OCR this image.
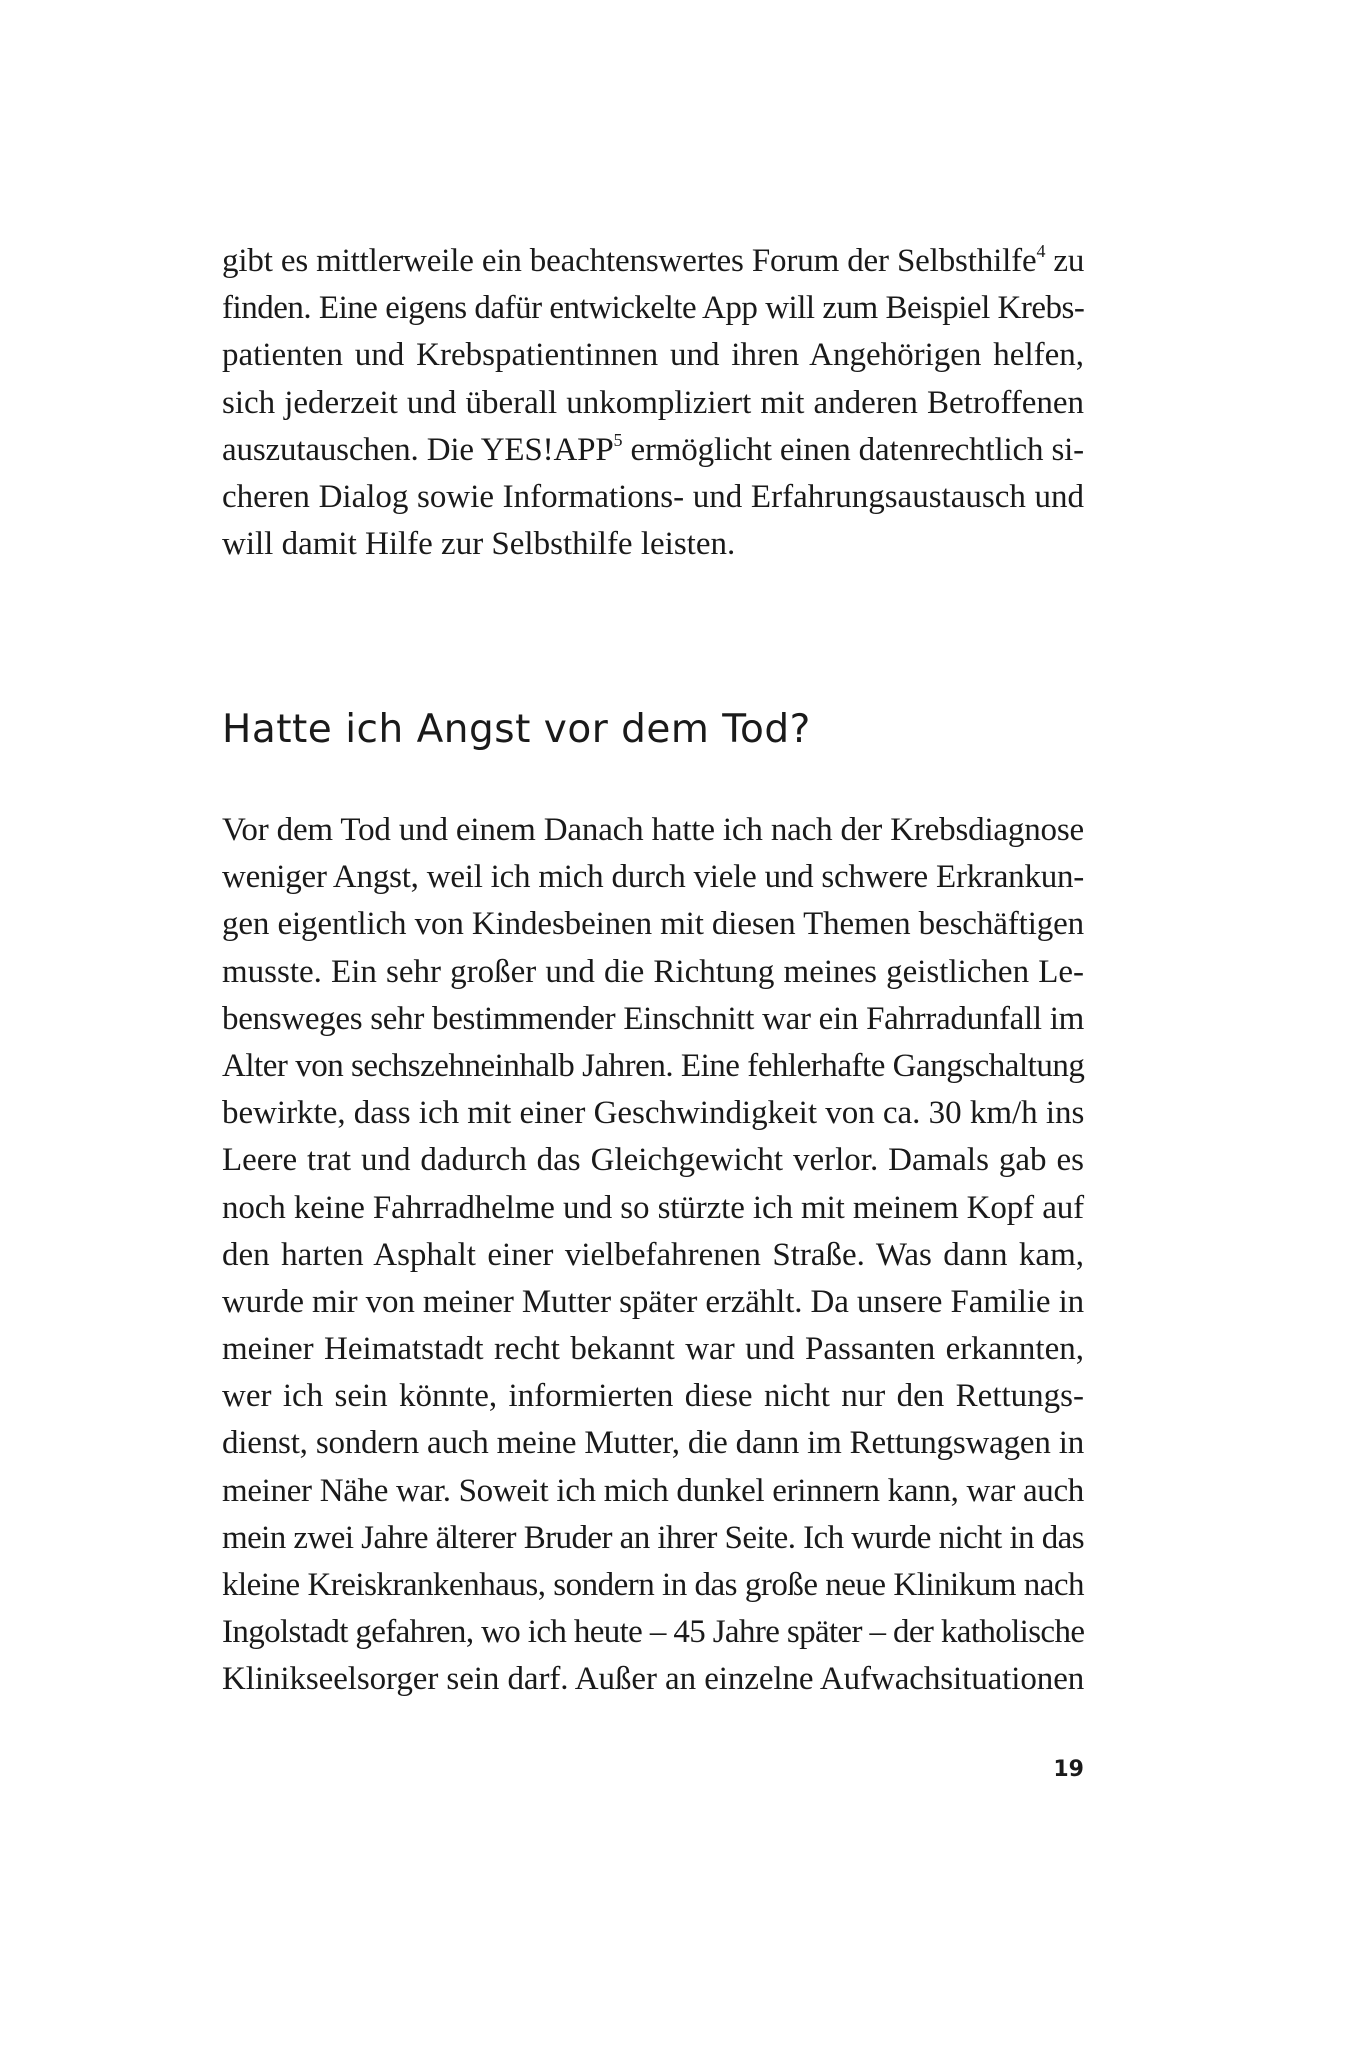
gibt es mittlerweile ein beachtenswertes Forum der Selbsthilfe$^4$ zu
finden. Eine eigens dafür entwickelte App will zum Beispiel Krebs-
patienten und Krebspatientinnen und ihren Angehörigen helfen,
sich jederzeit und überall unkompliziert mit anderen Betroffenen
auszutauschen. Die YES!APP$^5$ ermöglicht einen datenrechtlich si-
cheren Dialog sowie Informations- und Erfahrungsaustausch und
will damit Hilfe zur Selbsthilfe leisten.
Hatte ich Angst vor dem Tod?
Vor dem Tod und einem Danach hatte ich nach der Krebsdiagnose
weniger Angst, weil ich mich durch viele und schwere Erkrankun-
gen eigentlich von Kindesbeinen mit diesen Themen beschäftigen
musste. Ein sehr großer und die Richtung meines geistlichen Le-
bensweges sehr bestimmender Einschnitt war ein Fahrradunfall im
Alter von sechszehneinhalb Jahren. Eine fehlerhafte Gangschaltung
bewirkte, dass ich mit einer Geschwindigkeit von ca. 30 km/h ins
Leere trat und dadurch das Gleichgewicht verlor. Damals gab es
noch keine Fahrradhelme und so stürzte ich mit meinem Kopf auf
den harten Asphalt einer vielbefahrenen Straße. Was dann kam,
wurde mir von meiner Mutter später erzählt. Da unsere Familie in
meiner Heimatstadt recht bekannt war und Passanten erkannten,
wer ich sein könnte, informierten diese nicht nur den Rettungs-
dienst, sondern auch meine Mutter, die dann im Rettungswagen in
meiner Nähe war. Soweit ich mich dunkel erinnern kann, war auch
mein zwei Jahre älterer Bruder an ihrer Seite. Ich wurde nicht in das
kleine Kreiskrankenhaus, sondern in das große neue Klinikum nach
Ingolstadt gefahren, wo ich heute – 45 Jahre später – der katholische
Klinikseelsorger sein darf. Außer an einzelne Aufwachsituationen
19
